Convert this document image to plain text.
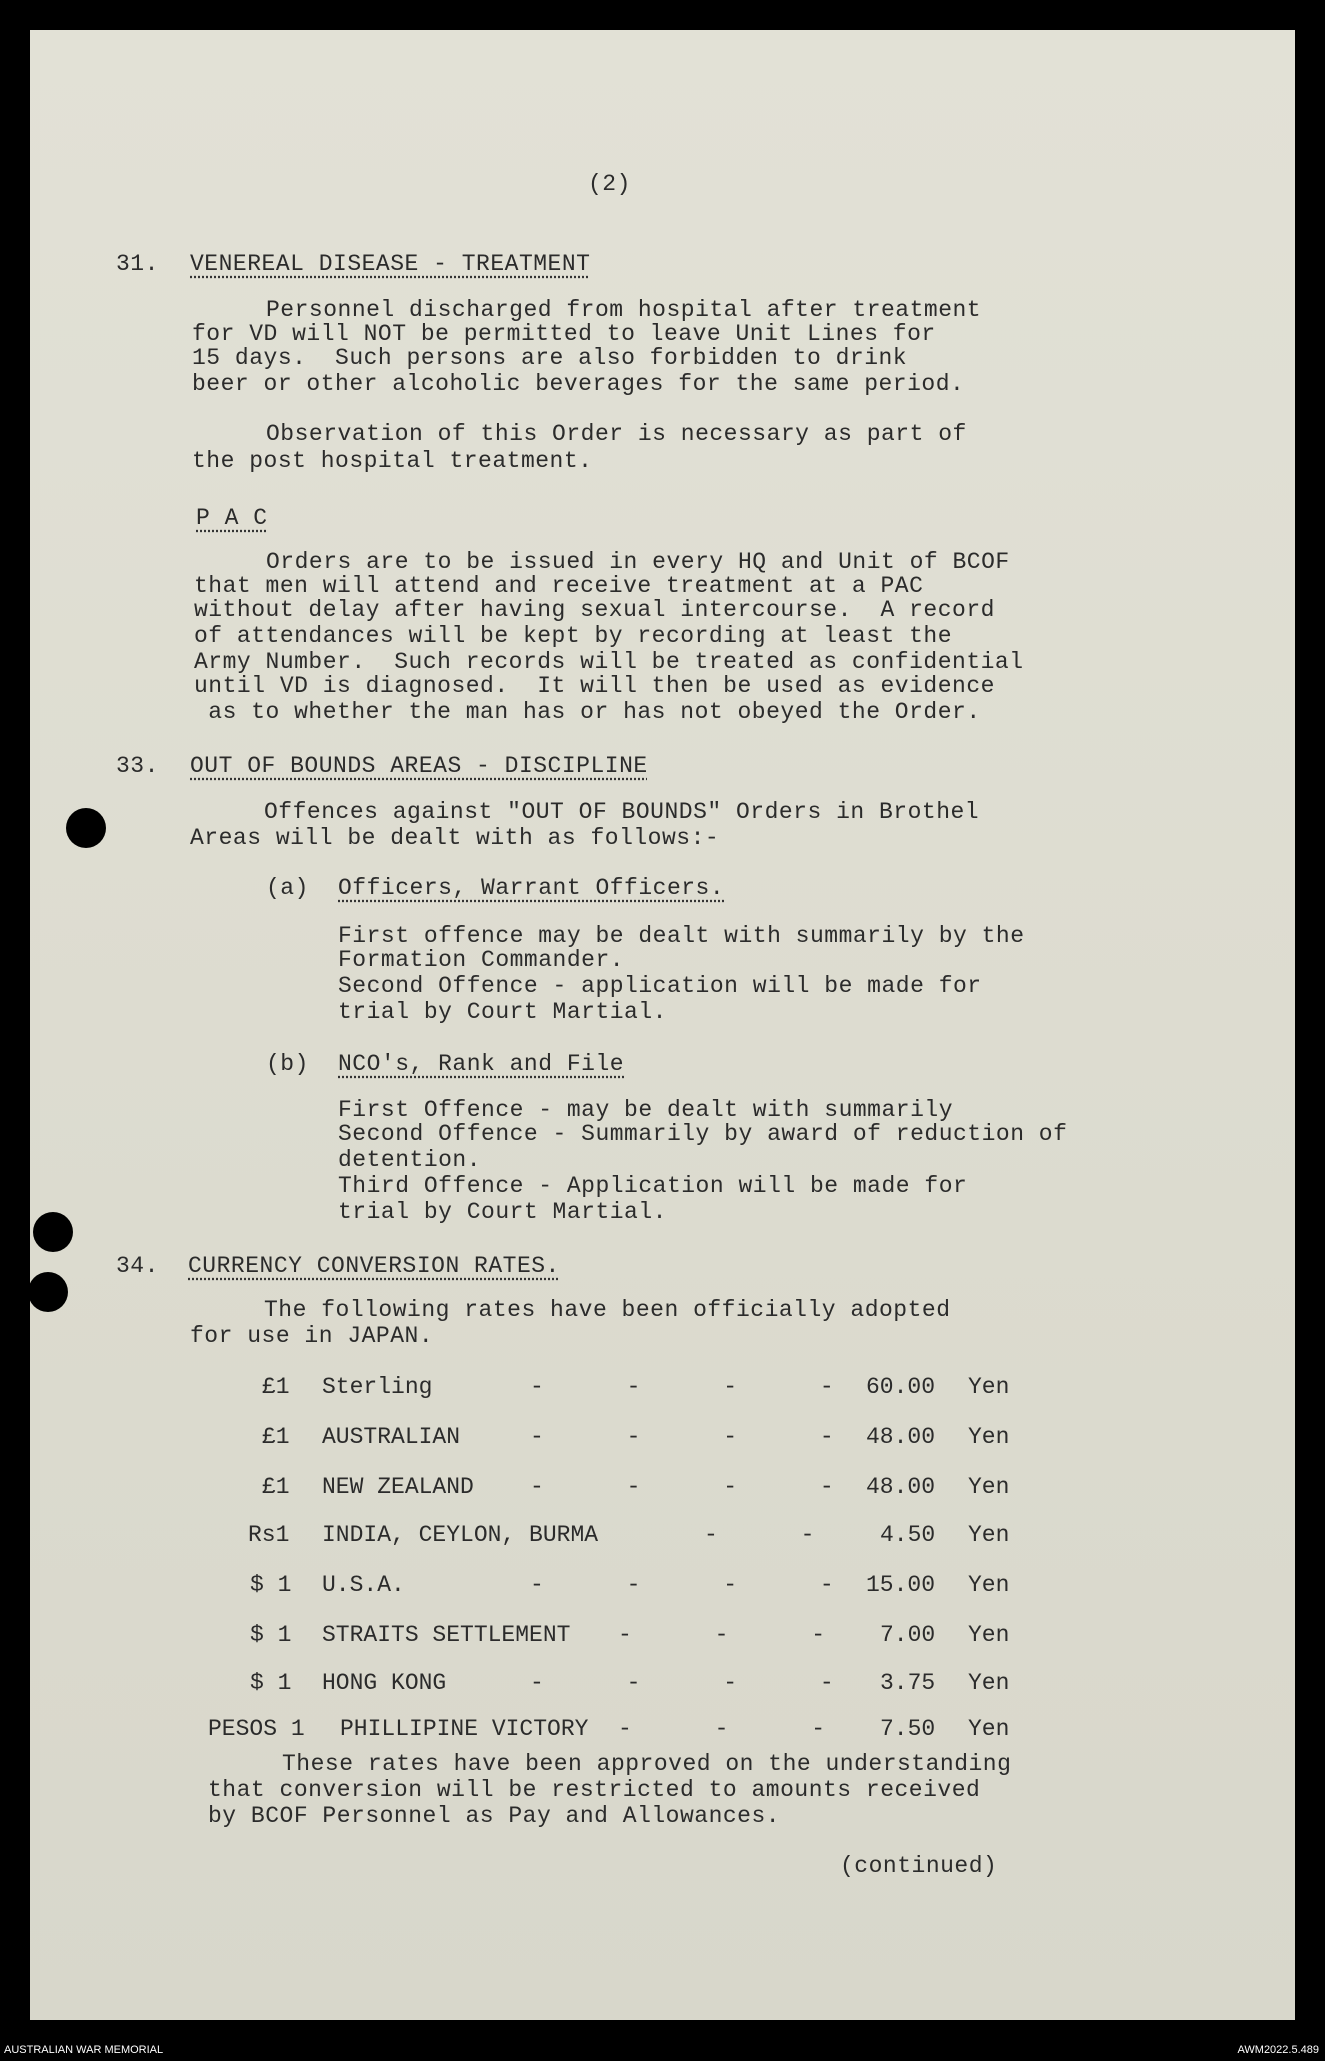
(2)
31. VENEREAL DISEASE - TREATMENT
Personnel discharged from hospital after treatment
for VD will NOT be permitted to leave Unit Lines for
15 days.  Such persons are also forbidden to drink
beer or other alcoholic beverages for the same period.
Observation of this Order is necessary as part of
the post hospital treatment.
P A C
Orders are to be issued in every HQ and Unit of BCOF
that men will attend and receive treatment at a PAC
without delay after having sexual intercourse.  A record
of attendances will be kept by recording at least the
Army Number.  Such records will be treated as confidential
until VD is diagnosed.  It will then be used as evidence
as to whether the man has or has not obeyed the Order.
33. OUT OF BOUNDS AREAS - DISCIPLINE
Offences against "OUT OF BOUNDS" Orders in Brothel
Areas will be dealt with as follows:-
(a) Officers, Warrant Officers.
First offence may be dealt with summarily by the
Formation Commander.
Second Offence - application will be made for
trial by Court Martial.
(b) NCO's, Rank and File
First Offence - may be dealt with summarily
Second Offence - Summarily by award of reduction of
detention.
Third Offence - Application will be made for
trial by Court Martial.
34. CURRENCY CONVERSION RATES.
The following rates have been officially adopted
for use in JAPAN.
£1 Sterling	-      -      -      - 60.00 Yen
£1 AUSTRALIAN	-      -      -      - 48.00 Yen
£1 NEW ZEALAND -      -      -      - 48.00 Yen
Rs1 INDIA, CEYLON, BURMA	-      -	4.50 Yen
$ 1 U.S.A.	-      -      -      - 15.00 Yen
$ 1 STRAITS SETTLEMENT -      -      - 7.00 Yen
$ 1 HONG KONG	-      -      -      - 3.75 Yen
PESOS 1 PHILLIPINE VICTORY -      -      - 7.50 Yen
These rates have been approved on the understanding
that conversion will be restricted to amounts received
by BCOF Personnel as Pay and Allowances.
(continued)
AUSTRALIAN WAR MEMORIAL	AWM2022.5.489
